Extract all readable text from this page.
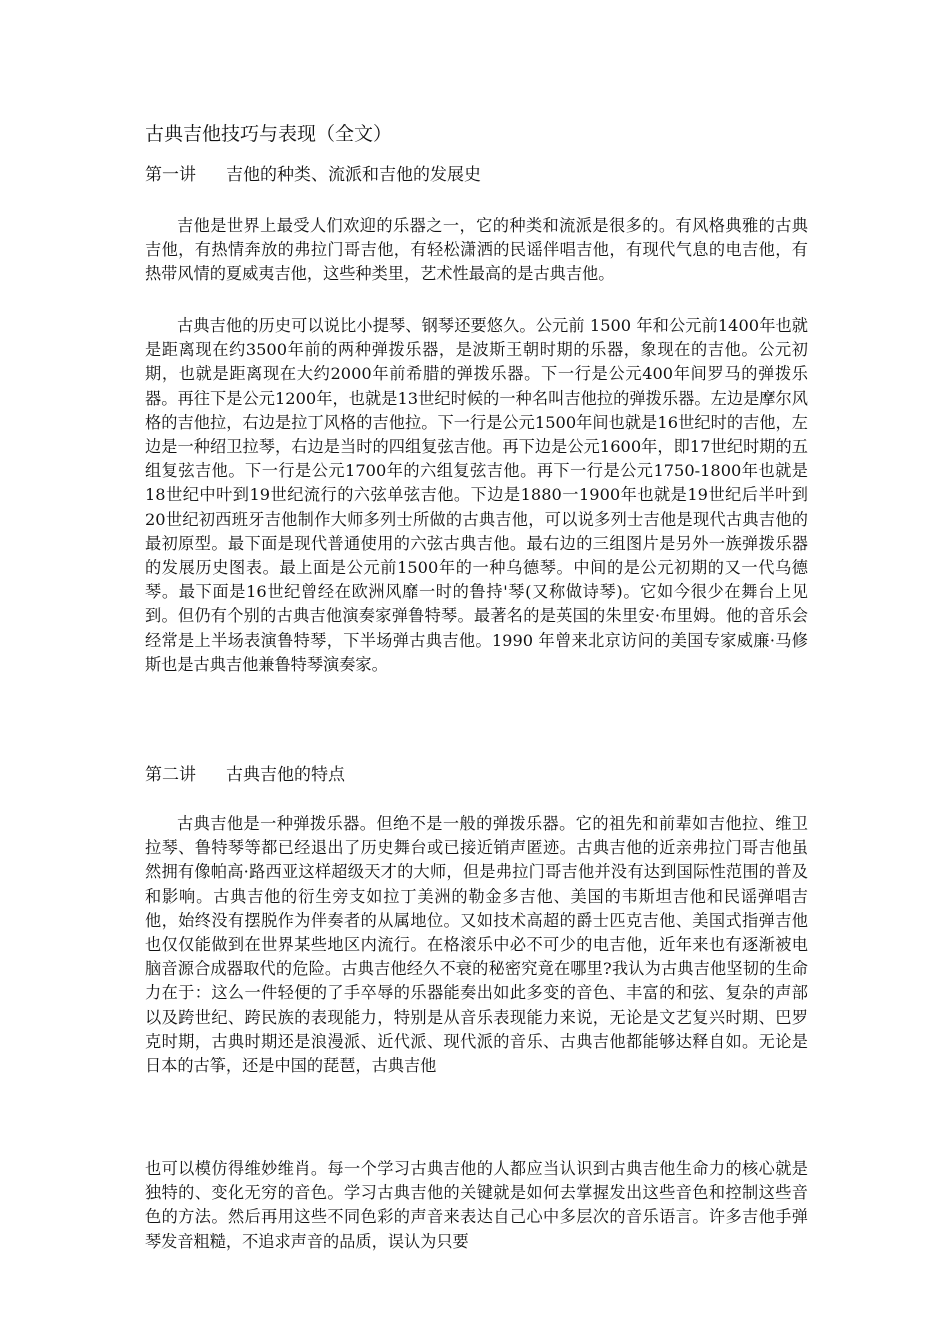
古典吉他技巧与表现（全文）
第一讲 吉他的种类、流派和吉他的发展史

吉他是世界上最受人们欢迎的乐器之一，它的种类和流派是很多的。有风格典雅的古典吉他，有热情奔放的弗拉门哥吉他，有轻松潇洒的民谣伴唱吉他，有现代气息的电吉他，有热带风情的夏威夷吉他，这些种类里，艺术性最高的是古典吉他。

古典吉他的历史可以说比小提琴、钢琴还要悠久。公元前 1500 年和公元前1400年也就是距离现在约3500年前的两种弹拨乐器，是波斯王朝时期的乐器，象现在的吉他。公元初期，也就是距离现在大约2000年前希腊的弹拨乐器。下一行是公元400年间罗马的弹拨乐器。再往下是公元1200年，也就是13世纪时候的一种名叫吉他拉的弹拨乐器。左边是摩尔风格的吉他拉，右边是拉丁风格的吉他拉。下一行是公元1500年间也就是16世纪时的吉他，左边是一种绍卫拉琴，右边是当时的四组复弦吉他。再下边是公元1600年，即17世纪时期的五组复弦吉他。下一行是公元1700年的六组复弦吉他。再下一行是公元1750-1800年也就是18世纪中叶到19世纪流行的六弦单弦吉他。下边是1880一1900年也就是19世纪后半叶到20世纪初西班牙吉他制作大师多列士所做的古典吉他，可以说多列士吉他是现代古典吉他的最初原型。最下面是现代普通使用的六弦古典吉他。最右边的三组图片是另外一族弹拨乐器的发展历史图表。最上面是公元前1500年的一种乌德琴。中间的是公元初期的又一代乌德琴。最下面是16世纪曾经在欧洲风靡一时的鲁持'琴(又称做诗琴)。它如今很少在舞台上见到。但仍有个别的古典吉他演奏家弹鲁特琴。最著名的是英国的朱里安·布里姆。他的音乐会经常是上半场表演鲁特琴，下半场弹古典吉他。1990 年曾来北京访问的美国专家威廉·马修斯也是古典吉他兼鲁特琴演奏家。

第二讲 古典吉他的特点

古典吉他是一种弹拨乐器。但绝不是一般的弹拨乐器。它的祖先和前辈如吉他拉、维卫拉琴、鲁特琴等都已经退出了历史舞台或已接近销声匿迹。古典吉他的近亲弗拉门哥吉他虽然拥有像帕高·路西亚这样超级天才的大师，但是弗拉门哥吉他并没有达到国际性范围的普及和影响。古典吉他的衍生旁支如拉丁美洲的勒金多吉他、美国的韦斯坦吉他和民谣弹唱吉他，始终没有摆脱作为伴奏者的从属地位。又如技术高超的爵士匹克吉他、美国式指弹吉他也仅仅能做到在世界某些地区内流行。在格滚乐中必不可少的电吉他，近年来也有逐渐被电脑音源合成器取代的危险。古典吉他经久不衰的秘密究竟在哪里?我认为古典吉他坚韧的生命力在于：这么一件轻便的了手卒辱的乐器能奏出如此多变的音色、丰富的和弦、复杂的声部以及跨世纪、跨民族的表现能力，特别是从音乐表现能力来说，无论是文艺复兴时期、巴罗克时期，古典时期还是浪漫派、近代派、现代派的音乐、古典吉他都能够达释自如。无论是日本的古筝，还是中国的琵琶，古典吉他

也可以模仿得维妙维肖。每一个学习古典吉他的人都应当认识到古典吉他生命力的核心就是独特的、变化无穷的音色。学习古典吉他的关键就是如何去掌握发出这些音色和控制这些音色的方法。然后再用这些不同色彩的声音来表达自己心中多层次的音乐语言。许多吉他手弹琴发音粗糙，不追求声音的品质，误认为只要
